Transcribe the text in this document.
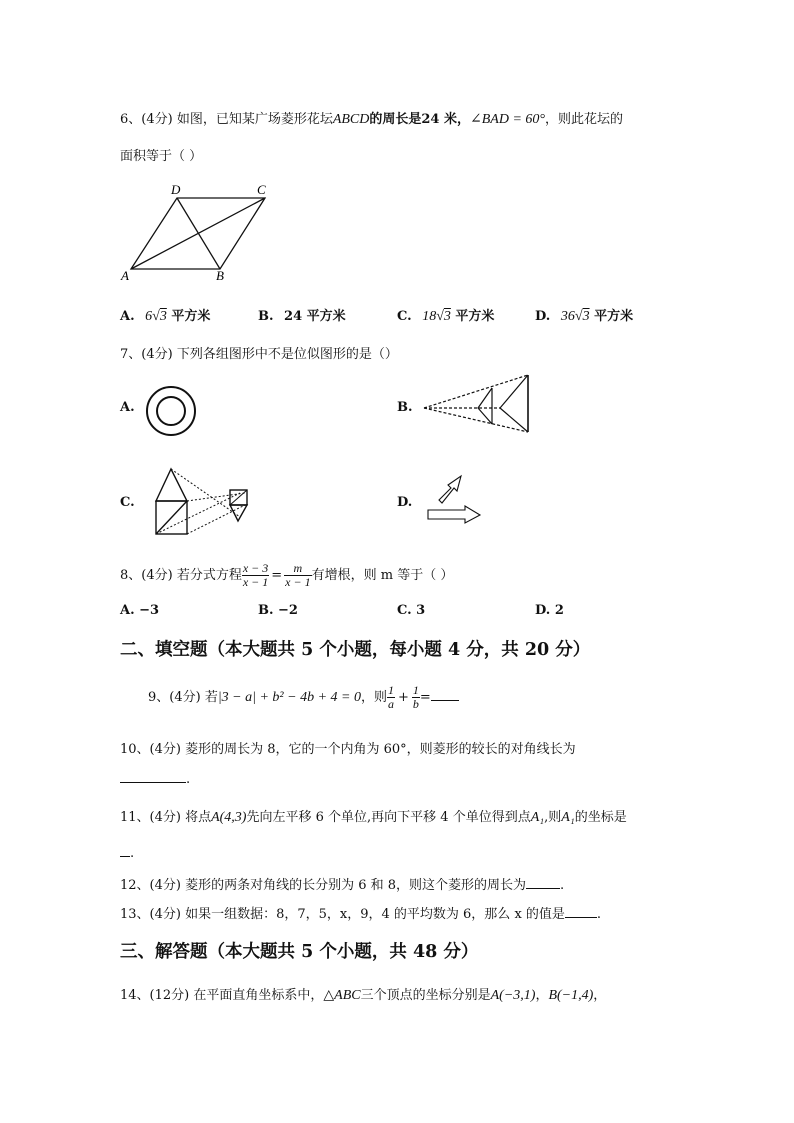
6、(4分) 如图，已知某广场菱形花坛ABCD的周长是24 米，∠BAD = 60°，则此花坛的
面积等于（ ）
D	C
A	B
A. 6√3 平方米	B. 24 平方米	C. 18√3 平方米	D. 36√3 平方米
7、(4分) 下列各组图形中不是位似图形的是（）
A.	B.
C.	D.
8、(4分) 若分式方程 $\frac{x - 3}{x - 1} = \frac{m}{x - 1}$ 有增根，则 m 等于（ ）
A. −3	B. −2	C. 3	D. 2
二、填空题（本大题共 5 个小题，每小题 4 分，共 20 分）
9、(4分) 若|3 − a| + b² − 4b + 4 = 0，则 $\frac{1}{a} + \frac{1}{b}$ =
10、(4分) 菱形的周长为 8，它的一个内角为 60°，则菱形的较长的对角线长为
.
11、(4分) 将点A(4,3)先向左平移 6 个单位,再向下平移 4 个单位得到点A₁,则A₁的坐标是
.
12、(4分) 菱形的两条对角线的长分别为 6 和 8，则这个菱形的周长为	.
13、(4分) 如果一组数据：8，7，5，x，9，4 的平均数为 6，那么 x 的值是 .
三、解答题（本大题共 5 个小题，共 48 分）
14、(12分) 在平面直角坐标系中，△ABC三个顶点的坐标分别是A(−3,1)，B(−1,4)，
